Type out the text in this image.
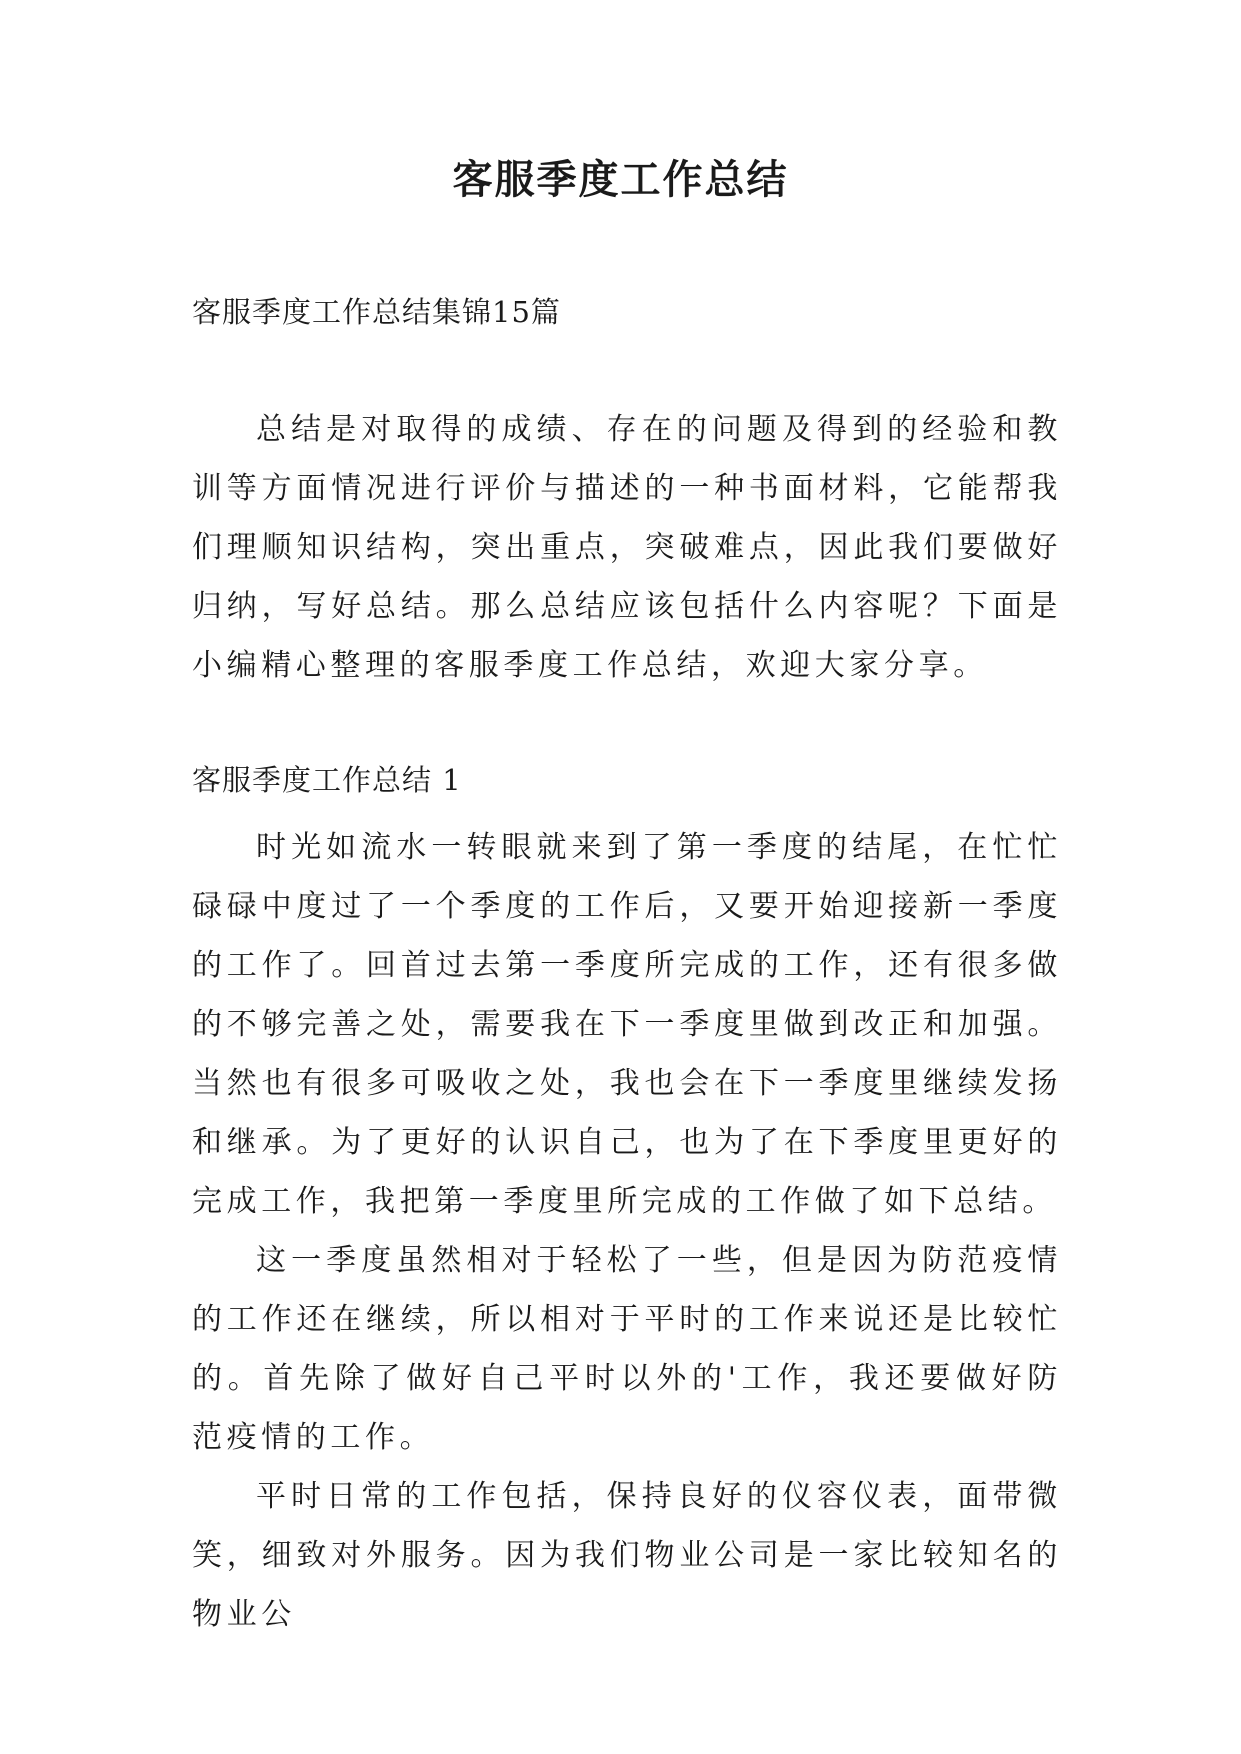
客服季度工作总结

客服季度工作总结集锦15篇

总结是对取得的成绩、存在的问题及得到的经验和教训等方面情况进行评价与描述的一种书面材料，它能帮我们理顺知识结构，突出重点，突破难点，因此我们要做好归纳，写好总结。那么总结应该包括什么内容呢？下面是小编精心整理的客服季度工作总结，欢迎大家分享。

客服季度工作总结 1

时光如流水一转眼就来到了第一季度的结尾，在忙忙碌碌中度过了一个季度的工作后，又要开始迎接新一季度的工作了。回首过去第一季度所完成的工作，还有很多做的不够完善之处，需要我在下一季度里做到改正和加强。当然也有很多可吸收之处，我也会在下一季度里继续发扬和继承。为了更好的认识自己，也为了在下季度里更好的完成工作，我把第一季度里所完成的工作做了如下总结。

这一季度虽然相对于轻松了一些，但是因为防范疫情的工作还在继续，所以相对于平时的工作来说还是比较忙的。首先除了做好自己平时以外的'工作，我还要做好防范疫情的工作。

平时日常的工作包括，保持良好的仪容仪表，面带微笑，细致对外服务。因为我们物业公司是一家比较知名的物业公
